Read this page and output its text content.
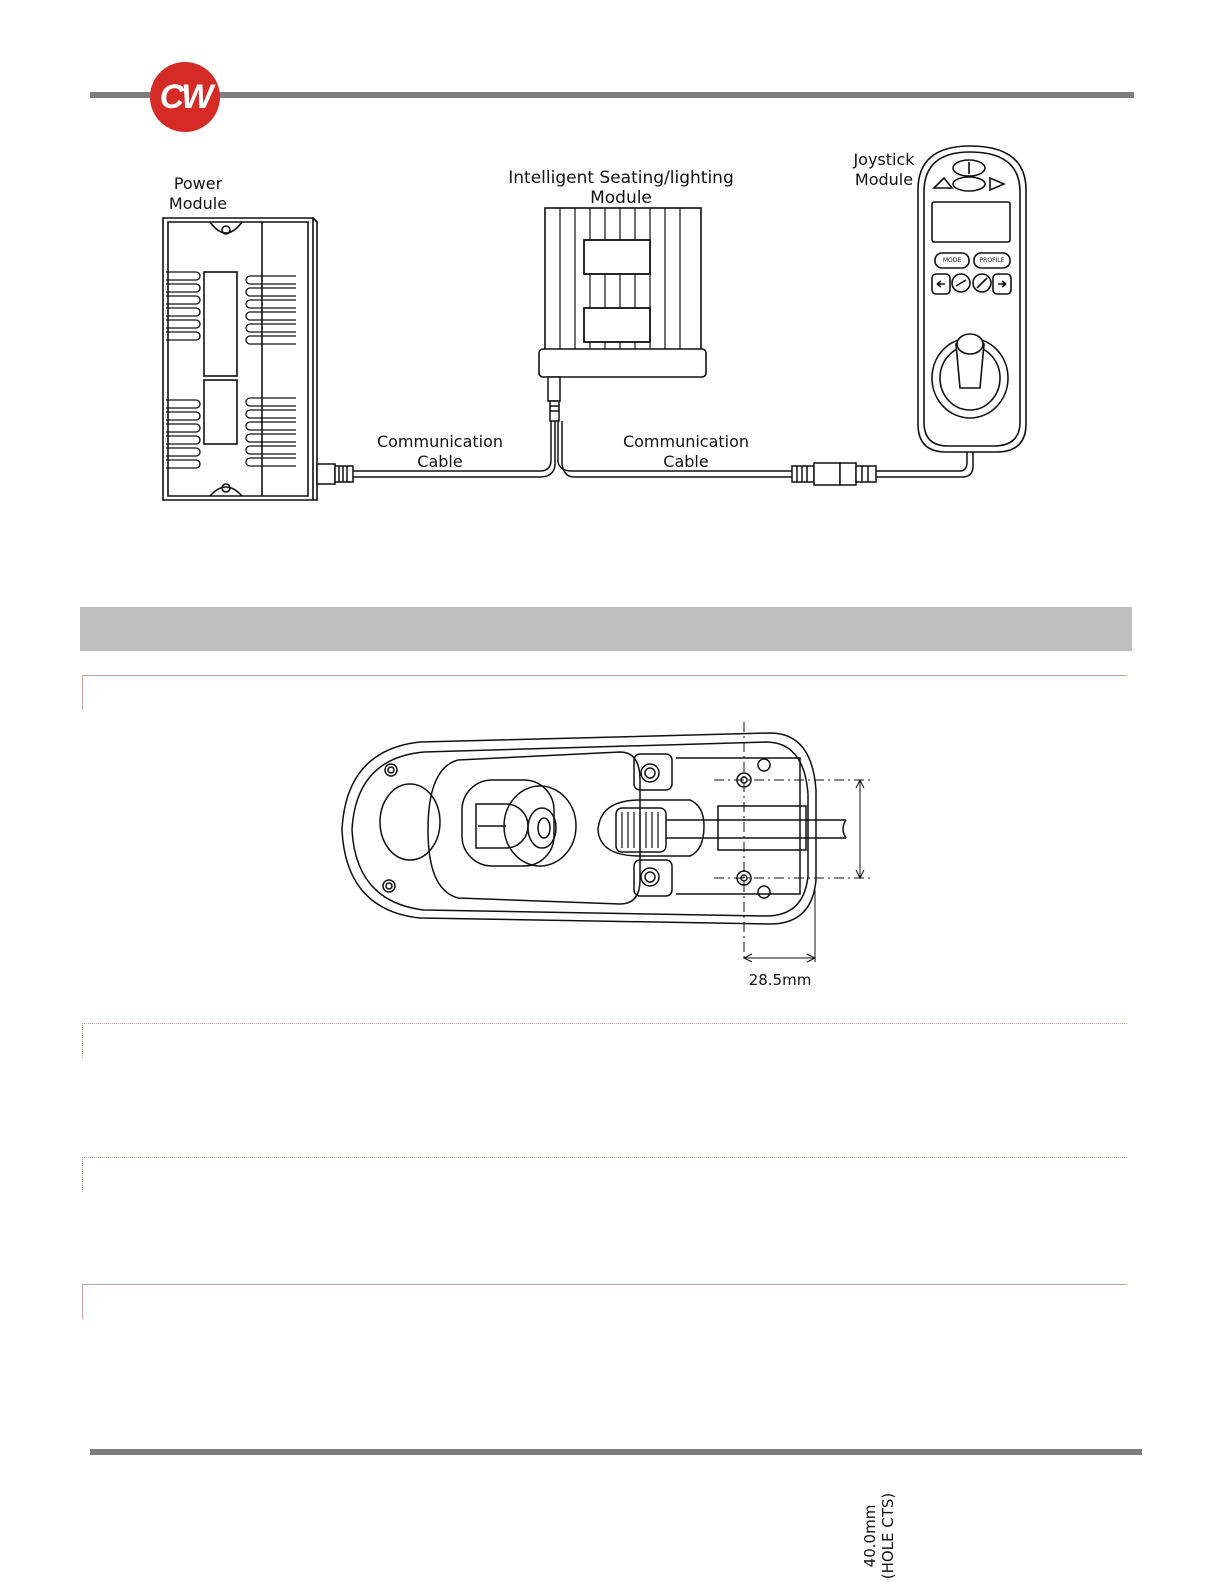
CW
Power
Module
Intelligent Seating/lighting
Module
Joystick
Module
Communication
Cable
Communication
Cable
MODE	PROFILE
40.0mm (HOLE CTS)
28.5mm
